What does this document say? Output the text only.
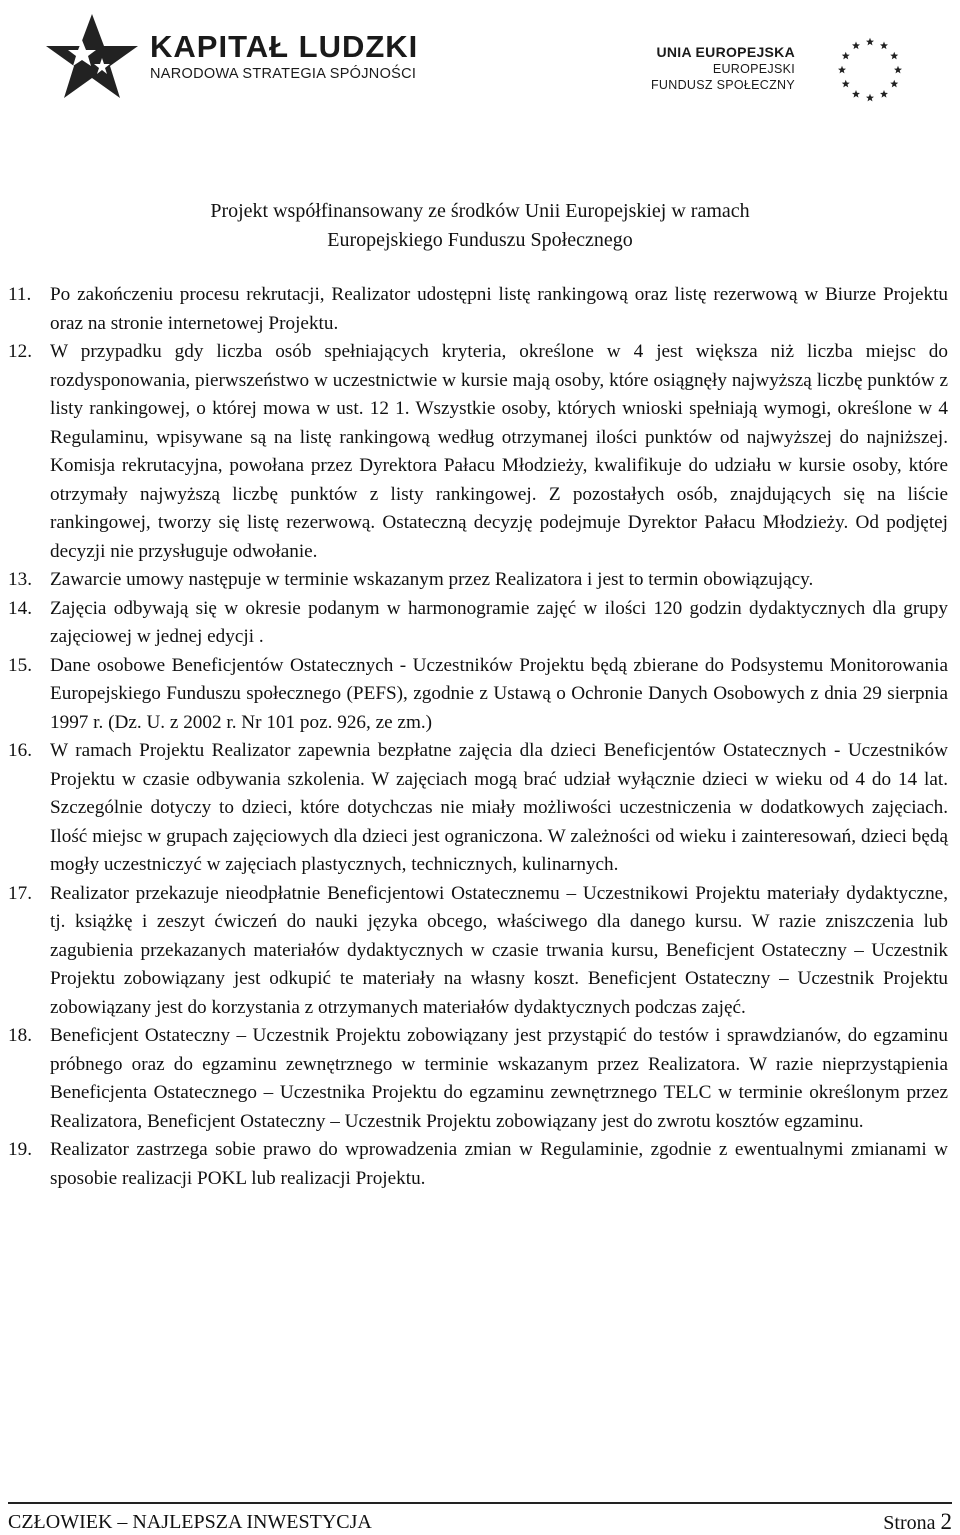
KAPITAŁ LUDZKI
NARODOWA STRATEGIA SPÓJNOŚCI
UNIA EUROPEJSKA
EUROPEJSKI
FUNDUSZ SPOŁECZNY
Projekt współfinansowany ze środków Unii Europejskiej w ramach
Europejskiego Funduszu Społecznego
11. Po zakończeniu procesu rekrutacji, Realizator udostępni listę rankingową oraz listę rezerwową w Biurze Projektu oraz na stronie internetowej Projektu.
12. W przypadku gdy liczba osób spełniających kryteria, określone w 4 jest większa niż liczba miejsc do rozdysponowania, pierwszeństwo w uczestnictwie w kursie mają osoby, które osiągnęły najwyższą liczbę punktów z listy rankingowej, o której mowa w ust. 12 1. Wszystkie osoby, których wnioski spełniają wymogi, określone w 4 Regulaminu, wpisywane są na listę rankingową według otrzymanej ilości punktów od najwyższej do najniższej. Komisja rekrutacyjna, powołana przez Dyrektora Pałacu Młodzieży, kwalifikuje do udziału w kursie osoby, które otrzymały najwyższą liczbę punktów z listy rankingowej. Z pozostałych osób, znajdujących się na liście rankingowej, tworzy się listę rezerwową. Ostateczną decyzję podejmuje Dyrektor Pałacu Młodzieży. Od podjętej decyzji nie przysługuje odwołanie.
13. Zawarcie umowy następuje w terminie wskazanym przez Realizatora i jest to termin obowiązujący.
14. Zajęcia odbywają się w okresie podanym w harmonogramie zajęć w ilości 120 godzin dydaktycznych dla grupy zajęciowej w jednej edycji .
15. Dane osobowe Beneficjentów Ostatecznych - Uczestników Projektu będą zbierane do Podsystemu Monitorowania Europejskiego Funduszu społecznego (PEFS), zgodnie z Ustawą o Ochronie Danych Osobowych z dnia 29 sierpnia 1997 r. (Dz. U. z 2002 r. Nr 101 poz. 926, ze zm.)
16. W ramach Projektu Realizator zapewnia bezpłatne zajęcia dla dzieci Beneficjentów Ostatecznych - Uczestników Projektu w czasie odbywania szkolenia. W zajęciach mogą brać udział wyłącznie dzieci w wieku od 4 do 14 lat. Szczególnie dotyczy to dzieci, które dotychczas nie miały możliwości uczestniczenia w dodatkowych zajęciach. Ilość miejsc w grupach zajęciowych dla dzieci jest ograniczona. W zależności od wieku i zainteresowań, dzieci będą mogły uczestniczyć w zajęciach plastycznych, technicznych, kulinarnych.
17. Realizator przekazuje nieodpłatnie Beneficjentowi Ostatecznemu – Uczestnikowi Projektu materiały dydaktyczne, tj. książkę i zeszyt ćwiczeń do nauki języka obcego, właściwego dla danego kursu. W razie zniszczenia lub zagubienia przekazanych materiałów dydaktycznych w czasie trwania kursu, Beneficjent Ostateczny – Uczestnik Projektu zobowiązany jest odkupić te materiały na własny koszt. Beneficjent Ostateczny – Uczestnik Projektu zobowiązany jest do korzystania z otrzymanych materiałów dydaktycznych podczas zajęć.
18. Beneficjent Ostateczny – Uczestnik Projektu zobowiązany jest przystąpić do testów i sprawdzianów, do egzaminu próbnego oraz do egzaminu zewnętrznego w terminie wskazanym przez Realizatora. W razie nieprzystąpienia Beneficjenta Ostatecznego – Uczestnika Projektu do egzaminu zewnętrznego TELC w terminie określonym przez Realizatora, Beneficjent Ostateczny – Uczestnik Projektu zobowiązany jest do zwrotu kosztów egzaminu.
19. Realizator zastrzega sobie prawo do wprowadzenia zmian w Regulaminie, zgodnie z ewentualnymi zmianami w sposobie realizacji POKL lub realizacji Projektu.
CZŁOWIEK – NAJLEPSZA INWESTYCJA	Strona 2
